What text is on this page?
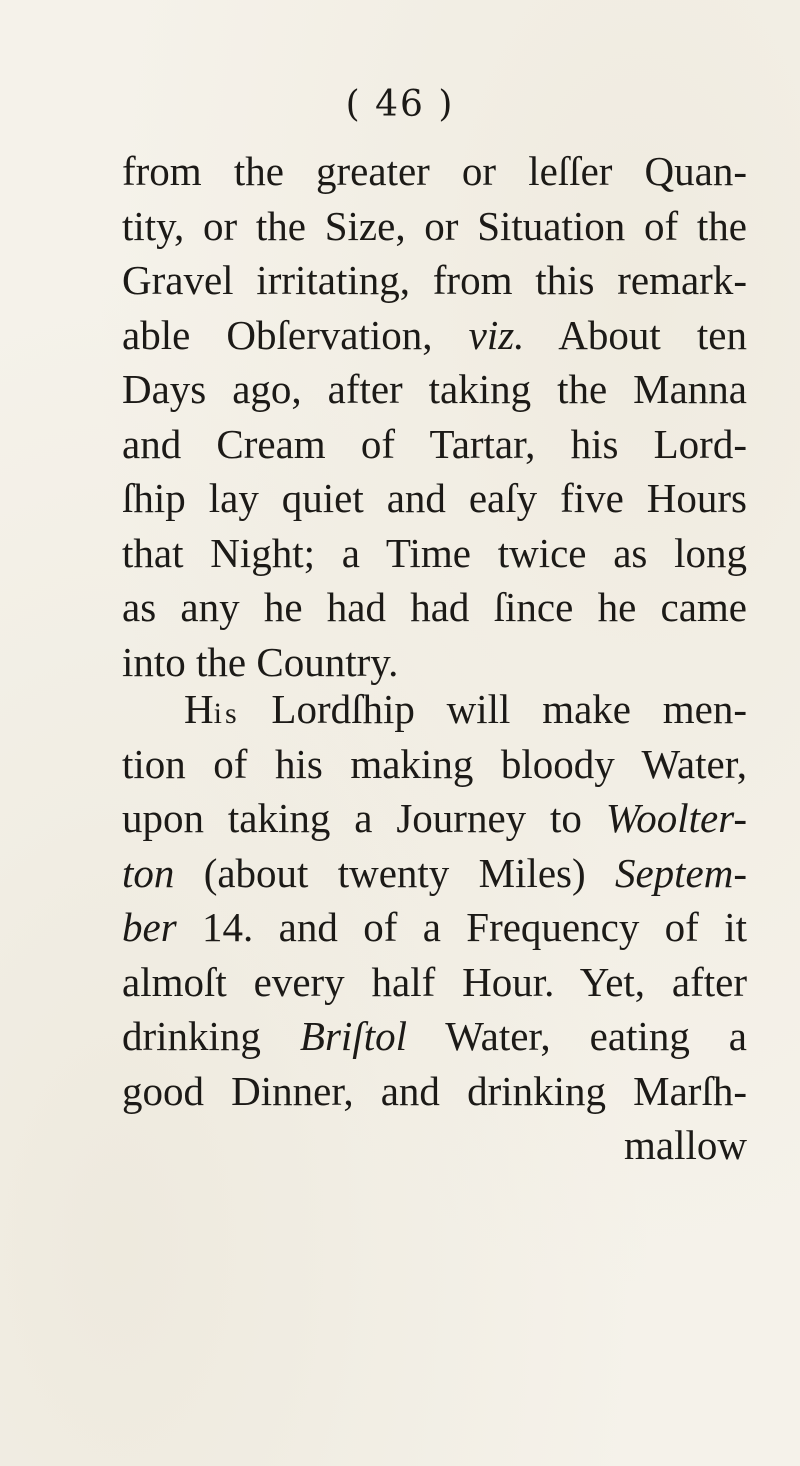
( 46 )
from the greater or leſſer Quan-
tity, or the Size, or Situation of the
Gravel irritating, from this remark-
able Obſervation, viz. About ten
Days ago, after taking the Manna
and Cream of Tartar, his Lord-
ſhip lay quiet and eaſy five Hours
that Night; a Time twice as long
as any he had had ſince he came
into the Country.
His Lordſhip will make men-
tion of his making bloody Water,
upon taking a Journey to Woolter-
ton (about twenty Miles) Septem-
ber 14. and of a Frequency of it
almoſt every half Hour. Yet, after
drinking Briſtol Water, eating a
good Dinner, and drinking Marſh-
mallow
